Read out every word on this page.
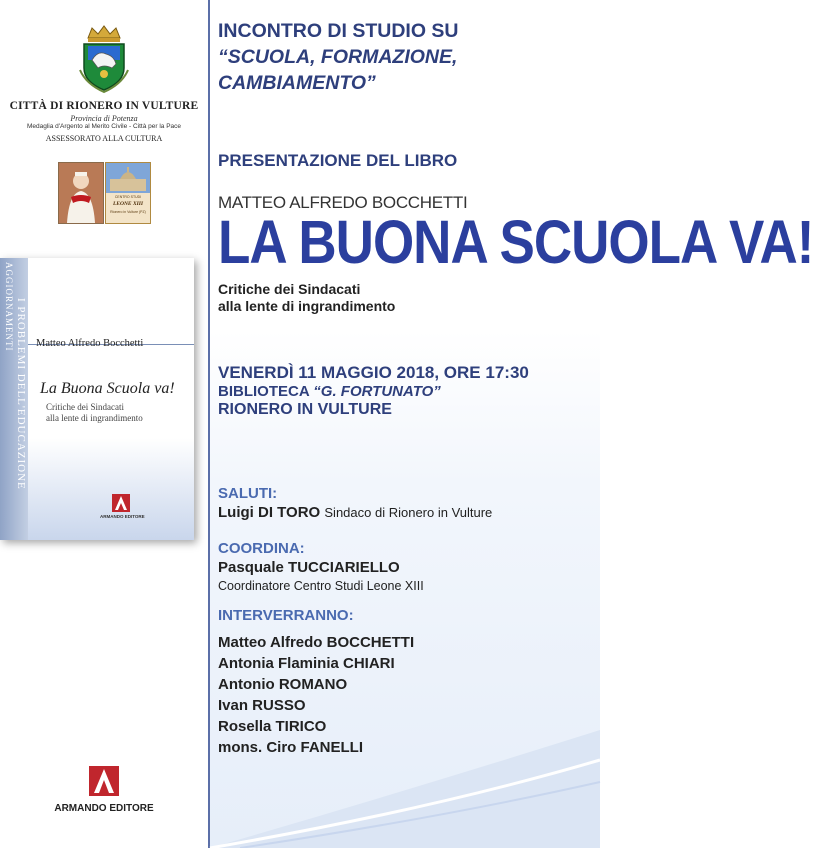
CITTÀ DI RIONERO IN VULTURE
Provincia di Potenza
Medaglia d'Argento al Merito Civile - Città per la Pace
ASSESSORATO ALLA CULTURA
CENTRO STUDI
LEONE XIII
Rionero in Vulture (PZ)
AGGIORNAMENTI I PROBLEMI DELL'EDUCAZIONE Matteo Alfredo Bocchetti
La Buona Scuola va!
Critiche dei Sindacati
alla lente di ingrandimento
ARMANDO EDITORE
ARMANDO EDITORE
INCONTRO DI STUDIO SU
“SCUOLA, FORMAZIONE,
CAMBIAMENTO”
PRESENTAZIONE DEL LIBRO
MATTEO ALFREDO BOCCHETTI
LA BUONA SCUOLA VA!
Critiche dei Sindacati
alla lente di ingrandimento
VENERDÌ 11 MAGGIO 2018, ORE 17:30
BIBLIOTECA “G. FORTUNATO”
RIONERO IN VULTURE
SALUTI:
Luigi DI TORO Sindaco di Rionero in Vulture
COORDINA:
Pasquale TUCCIARIELLO
Coordinatore Centro Studi Leone XIII
INTERVERRANNO:
Matteo Alfredo BOCCHETTI
Antonia Flaminia CHIARI
Antonio ROMANO
Ivan RUSSO
Rosella TIRICO
mons. Ciro FANELLI
